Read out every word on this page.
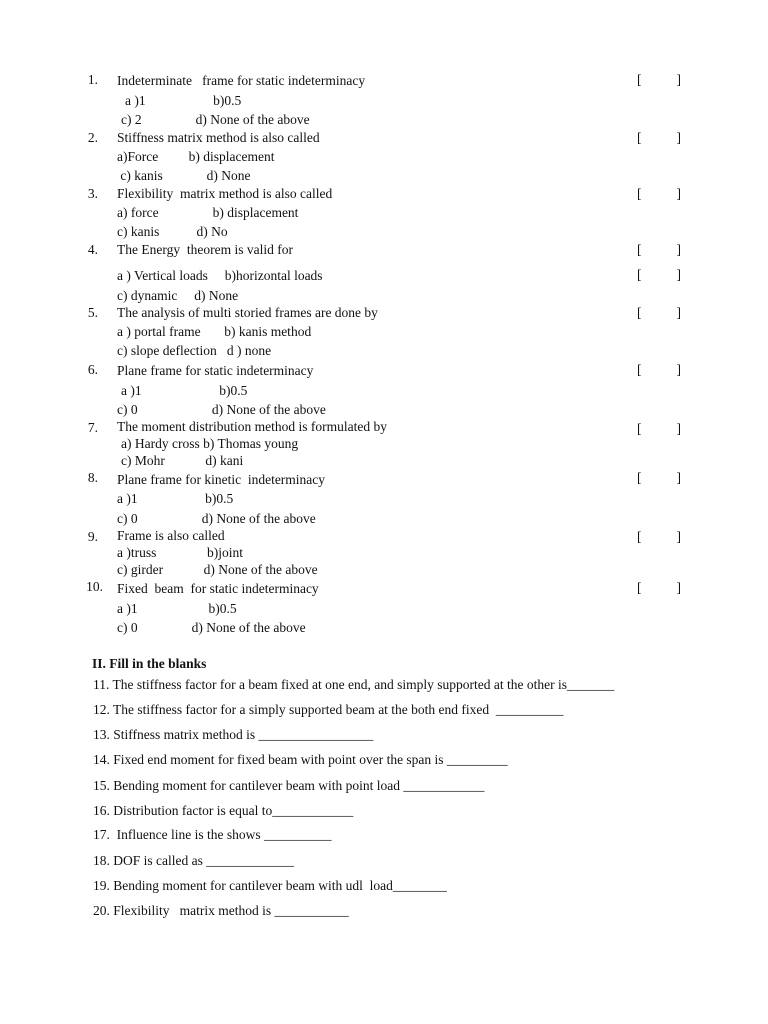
1. Indeterminate   frame for static indeterminacy	[	]
a )1                    b)0.5
c) 2                d) None of the above
2. Stiffness matrix method is also called	[	]
a)Force         b) displacement
c) kanis             d) None
3. Flexibility  matrix method is also called	[	]
a) force                b) displacement
c) kanis           d) No
4. The Energy  theorem is valid for	[	]
a ) Vertical loads     b)horizontal loads	[	]
c) dynamic     d) None
5. The analysis of multi storied frames are done by	[	]
a ) portal frame       b) kanis method
c) slope deflection   d ) none
6. Plane frame for static indeterminacy	[	]
a )1                       b)0.5
c) 0                      d) None of the above
7. The moment distribution method is formulated by	[	]
a) Hardy cross b) Thomas young
c) Mohr            d) kani
8. Plane frame for kinetic  indeterminacy	[	]
a )1                    b)0.5
c) 0                   d) None of the above
9. Frame is also called	[	]
a )truss               b)joint
c) girder            d) None of the above
10. Fixed  beam  for static indeterminacy	[	]
a )1                     b)0.5
c) 0                d) None of the above
II. Fill in the blanks
11. The stiffness factor for a beam fixed at one end, and simply supported at the other is_______
12. The stiffness factor for a simply supported beam at the both end fixed  __________
13. Stiffness matrix method is _________________
14. Fixed end moment for fixed beam with point over the span is _________
15. Bending moment for cantilever beam with point load ____________
16. Distribution factor is equal to____________
17.  Influence line is the shows __________
18. DOF is called as _____________
19. Bending moment for cantilever beam with udl  load________
20. Flexibility   matrix method is ___________
